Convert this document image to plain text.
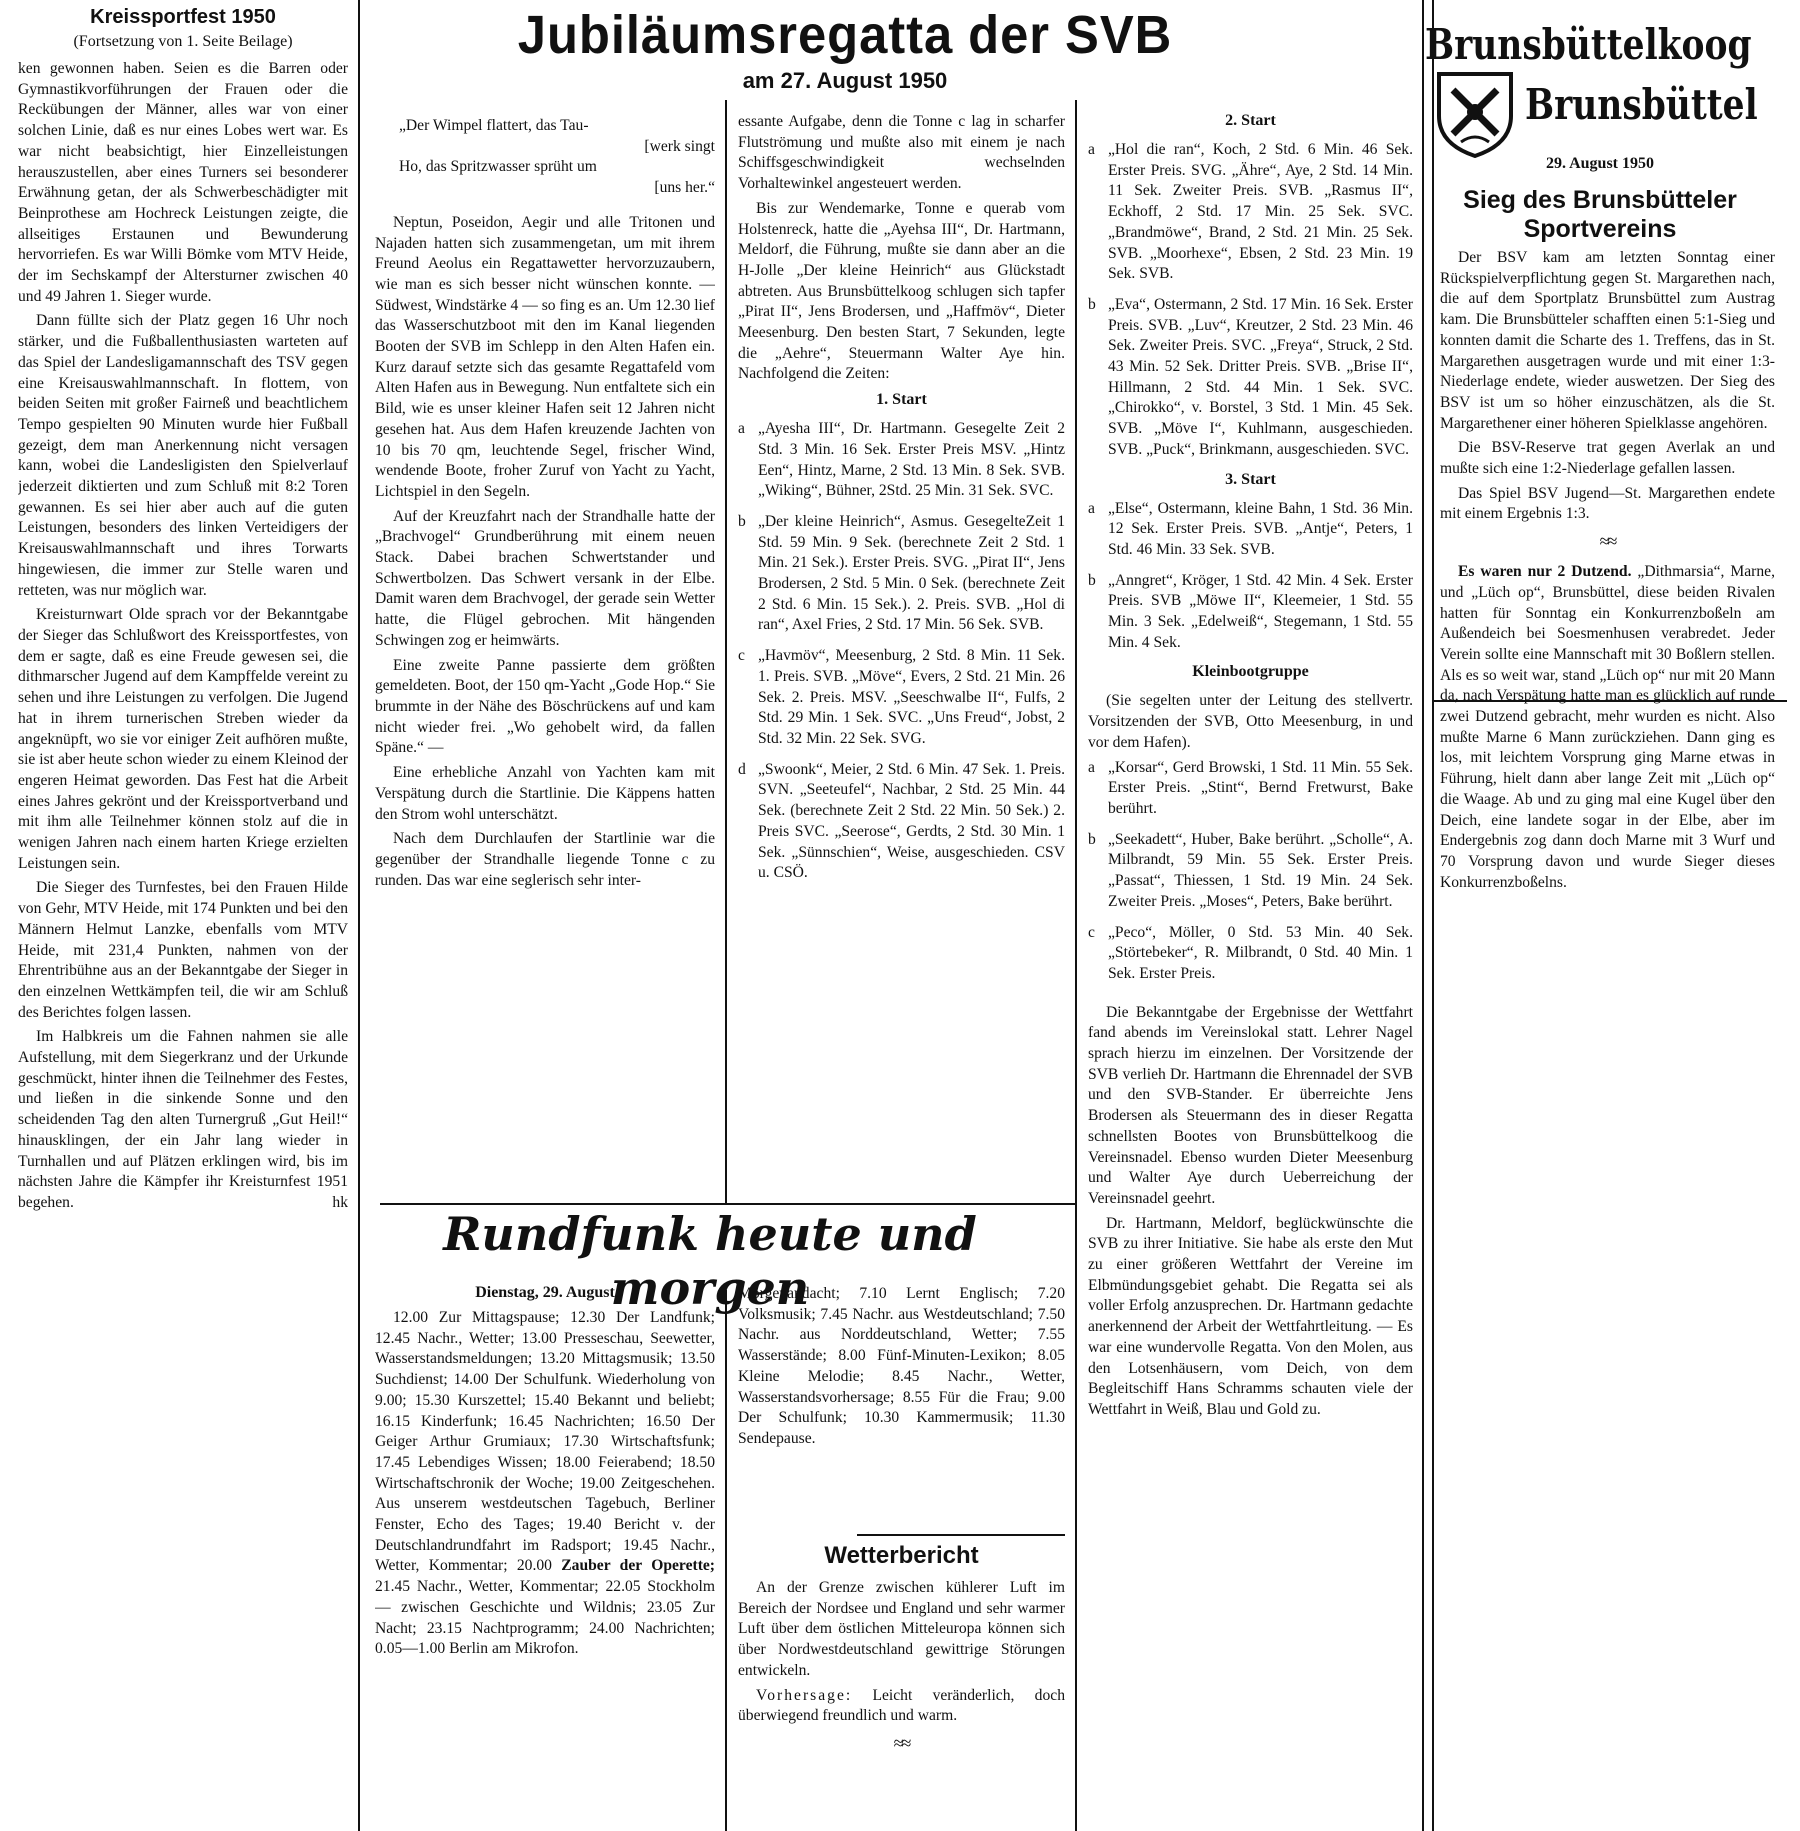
Kreissportfest 1950

(Fortsetzung von 1. Seite Beilage)

ken gewonnen haben. Seien es die Barren oder Gymnastikvorführungen der Frauen oder die Reckübungen der Männer, alles war von einer solchen Linie, daß es nur eines Lobes wert war. Es war nicht beabsichtigt, hier Einzelleistungen herauszustellen, aber eines Turners sei besonderer Erwähnung getan, der als Schwerbeschädigter mit Beinprothese am Hochreck Leistungen zeigte, die allseitiges Erstaunen und Bewunderung hervorriefen. Es war Willi Bömke vom MTV Heide, der im Sechskampf der Altersturner zwischen 40 und 49 Jahren 1. Sieger wurde.

Dann füllte sich der Platz gegen 16 Uhr noch stärker, und die Fußballenthusiasten warteten auf das Spiel der Landesligamannschaft des TSV gegen eine Kreisauswahlmannschaft. In flottem, von beiden Seiten mit großer Fairneß und beachtlichem Tempo gespielten 90 Minuten wurde hier Fußball gezeigt, dem man Anerkennung nicht versagen kann, wobei die Landesligisten den Spielverlauf jederzeit diktierten und zum Schluß mit 8:2 Toren gewannen. Es sei hier aber auch auf die guten Leistungen, besonders des linken Verteidigers der Kreisauswahlmannschaft und ihres Torwarts hingewiesen, die immer zur Stelle waren und retteten, was nur möglich war.

Kreisturnwart Olde sprach vor der Bekanntgabe der Sieger das Schlußwort des Kreissportfestes, von dem er sagte, daß es eine Freude gewesen sei, die dithmarscher Jugend auf dem Kampffelde vereint zu sehen und ihre Leistungen zu verfolgen. Die Jugend hat in ihrem turnerischen Streben wieder da angeknüpft, wo sie vor einiger Zeit aufhören mußte, sie ist aber heute schon wieder zu einem Kleinod der engeren Heimat geworden. Das Fest hat die Arbeit eines Jahres gekrönt und der Kreissportverband und mit ihm alle Teilnehmer können stolz auf die in wenigen Jahren nach einem harten Kriege erzielten Leistungen sein.

Die Sieger des Turnfestes, bei den Frauen Hilde von Gehr, MTV Heide, mit 174 Punkten und bei den Männern Helmut Lanzke, ebenfalls vom MTV Heide, mit 231,4 Punkten, nahmen von der Ehrentribühne aus an der Bekanntgabe der Sieger in den einzelnen Wettkämpfen teil, die wir am Schluß des Berichtes folgen lassen.

Im Halbkreis um die Fahnen nahmen sie alle Aufstellung, mit dem Siegerkranz und der Urkunde geschmückt, hinter ihnen die Teilnehmer des Festes, und ließen in die sinkende Sonne und den scheidenden Tag den alten Turnergruß „Gut Heil!“ hinausklingen, der ein Jahr lang wieder in Turnhallen und auf Plätzen erklingen wird, bis im nächsten Jahre die Kämpfer ihr Kreisturnfest 1951 begehen.	hk

Jubiläumsregatta der SVB

am 27. August 1950

„Der Wimpel flattert, das Tau-
[werk singt
Ho, das Spritzwasser sprüht um
[uns her.“

Neptun, Poseidon, Aegir und alle Tritonen und Najaden hatten sich zusammengetan, um mit ihrem Freund Aeolus ein Regattawetter hervorzuzaubern, wie man es sich besser nicht wünschen konnte. — Südwest, Windstärke 4 — so fing es an. Um 12.30 lief das Wasserschutzboot mit den im Kanal liegenden Booten der SVB im Schlepp in den Alten Hafen ein. Kurz darauf setzte sich das gesamte Regattafeld vom Alten Hafen aus in Bewegung. Nun entfaltete sich ein Bild, wie es unser kleiner Hafen seit 12 Jahren nicht gesehen hat. Aus dem Hafen kreuzende Jachten von 10 bis 70 qm, leuchtende Segel, frischer Wind, wendende Boote, froher Zuruf von Yacht zu Yacht, Lichtspiel in den Segeln.

Auf der Kreuzfahrt nach der Strandhalle hatte der „Brachvogel“ Grundberührung mit einem neuen Stack. Dabei brachen Schwertstander und Schwertbolzen. Das Schwert versank in der Elbe. Damit waren dem Brachvogel, der gerade sein Wetter hatte, die Flügel gebrochen. Mit hängenden Schwingen zog er heimwärts.

Eine zweite Panne passierte dem größten gemeldeten. Boot, der 150 qm-Yacht „Gode Hop.“ Sie brummte in der Nähe des Böschrückens auf und kam nicht wieder frei. „Wo gehobelt wird, da fallen Späne.“ —

Eine erhebliche Anzahl von Yachten kam mit Verspätung durch die Startlinie. Die Käppens hatten den Strom wohl unterschätzt.

Nach dem Durchlaufen der Startlinie war die gegenüber der Strandhalle liegende Tonne c zu runden. Das war eine seglerisch sehr inter-

essante Aufgabe, denn die Tonne c lag in scharfer Flutströmung und mußte also mit einem je nach Schiffsgeschwindigkeit wechselnden Vorhaltewinkel angesteuert werden.

Bis zur Wendemarke, Tonne e querab vom Holstenreck, hatte die „Ayehsa III“, Dr. Hartmann, Meldorf, die Führung, mußte sie dann aber an die H-Jolle „Der kleine Heinrich“ aus Glückstadt abtreten. Aus Brunsbüttelkoog schlugen sich tapfer „Pirat II“, Jens Brodersen, und „Haffmöv“, Dieter Meesenburg. Den besten Start, 7 Sekunden, legte die „Aehre“, Steuermann Walter Aye hin. Nachfolgend die Zeiten:

1. Start

a „Ayesha III“, Dr. Hartmann. Gesegelte Zeit 2 Std. 3 Min. 16 Sek. Erster Preis MSV. „Hintz Een“, Hintz, Marne, 2 Std. 13 Min. 8 Sek. SVB. „Wiking“, Bühner, 2Std. 25 Min. 31 Sek. SVC.

b „Der kleine Heinrich“, Asmus. GesegelteZeit 1 Std. 59 Min. 9 Sek. (berechnete Zeit 2 Std. 1 Min. 21 Sek.). Erster Preis. SVG. „Pirat II“, Jens Brodersen, 2 Std. 5 Min. 0 Sek. (berechnete Zeit 2 Std. 6 Min. 15 Sek.). 2. Preis. SVB. „Hol di ran“, Axel Fries, 2 Std. 17 Min. 56 Sek. SVB.

c „Havmöv“, Meesenburg, 2 Std. 8 Min. 11 Sek. 1. Preis. SVB. „Möve“, Evers, 2 Std. 21 Min. 26 Sek. 2. Preis. MSV. „Seeschwalbe II“, Fulfs, 2 Std. 29 Min. 1 Sek. SVC. „Uns Freud“, Jobst, 2 Std. 32 Min. 22 Sek. SVG.

d „Swoonk“, Meier, 2 Std. 6 Min. 47 Sek. 1. Preis. SVN. „Seeteufel“, Nachbar, 2 Std. 25 Min. 44 Sek. (berechnete Zeit 2 Std. 22 Min. 50 Sek.) 2. Preis SVC. „Seerose“, Gerdts, 2 Std. 30 Min. 1 Sek. „Sünnschien“, Weise, ausgeschieden. CSV u. CSÖ.

2. Start

a „Hol die ran“, Koch, 2 Std. 6 Min. 46 Sek. Erster Preis. SVG. „Ähre“, Aye, 2 Std. 14 Min. 11 Sek. Zweiter Preis. SVB. „Rasmus II“, Eckhoff, 2 Std. 17 Min. 25 Sek. SVC. „Brandmöwe“, Brand, 2 Std. 21 Min. 25 Sek. SVB. „Moorhexe“, Ebsen, 2 Std. 23 Min. 19 Sek. SVB.

b „Eva“, Ostermann, 2 Std. 17 Min. 16 Sek. Erster Preis. SVB. „Luv“, Kreutzer, 2 Std. 23 Min. 46 Sek. Zweiter Preis. SVC. „Freya“, Struck, 2 Std. 43 Min. 52 Sek. Dritter Preis. SVB. „Brise II“, Hillmann, 2 Std. 44 Min. 1 Sek. SVC. „Chirokko“, v. Borstel, 3 Std. 1 Min. 45 Sek. SVB. „Möve I“, Kuhlmann, ausgeschieden. SVB. „Puck“, Brinkmann, ausgeschieden. SVC.

3. Start

a „Else“, Ostermann, kleine Bahn, 1 Std. 36 Min. 12 Sek. Erster Preis. SVB. „Antje“, Peters, 1 Std. 46 Min. 33 Sek. SVB.

b „Anngret“, Kröger, 1 Std. 42 Min. 4 Sek. Erster Preis. SVB „Möwe II“, Kleemeier, 1 Std. 55 Min. 3 Sek. „Edelweiß“, Stegemann, 1 Std. 55 Min. 4 Sek.

Kleinbootgruppe

(Sie segelten unter der Leitung des stellvertr. Vorsitzenden der SVB, Otto Meesenburg, in und vor dem Hafen).

a „Korsar“, Gerd Browski, 1 Std. 11 Min. 55 Sek. Erster Preis. „Stint“, Bernd Fretwurst, Bake berührt.

b „Seekadett“, Huber, Bake berührt. „Scholle“, A. Milbrandt, 59 Min. 55 Sek. Erster Preis. „Passat“, Thiessen, 1 Std. 19 Min. 24 Sek. Zweiter Preis. „Moses“, Peters, Bake berührt.

c „Peco“, Möller, 0 Std. 53 Min. 40 Sek. „Störtebeker“, R. Milbrandt, 0 Std. 40 Min. 1 Sek. Erster Preis.

Die Bekanntgabe der Ergebnisse der Wettfahrt fand abends im Vereinslokal statt. Lehrer Nagel sprach hierzu im einzelnen. Der Vorsitzende der SVB verlieh Dr. Hartmann die Ehrennadel der SVB und den SVB-Stander. Er überreichte Jens Brodersen als Steuermann des in dieser Regatta schnellsten Bootes von Brunsbüttelkoog die Vereinsnadel. Ebenso wurden Dieter Meesenburg und Walter Aye durch Ueberreichung der Vereinsnadel geehrt.

Dr. Hartmann, Meldorf, beglückwünschte die SVB zu ihrer Initiative. Sie habe als erste den Mut zu einer größeren Wettfahrt der Vereine im Elbmündungsgebiet gehabt. Die Regatta sei als voller Erfolg anzusprechen. Dr. Hartmann gedachte anerkennend der Arbeit der Wettfahrtleitung. — Es war eine wundervolle Regatta. Von den Molen, aus den Lotsenhäusern, vom Deich, von dem Begleitschiff Hans Schramms schauten viele der Wettfahrt in Weiß, Blau und Gold zu.

Rundfunk heute und morgen

Dienstag, 29. August

12.00 Zur Mittagspause; 12.30 Der Landfunk; 12.45 Nachr., Wetter; 13.00 Presseschau, Seewetter, Wasserstandsmeldungen; 13.20 Mittagsmusik; 13.50 Suchdienst; 14.00 Der Schulfunk. Wiederholung von 9.00; 15.30 Kurszettel; 15.40 Bekannt und beliebt; 16.15 Kinderfunk; 16.45 Nachrichten; 16.50 Der Geiger Arthur Grumiaux; 17.30 Wirtschaftsfunk; 17.45 Lebendiges Wissen; 18.00 Feierabend; 18.50 Wirtschaftschronik der Woche; 19.00 Zeitgeschehen. Aus unserem westdeutschen Tagebuch, Berliner Fenster, Echo des Tages; 19.40 Bericht v. der Deutschlandrundfahrt im Radsport; 19.45 Nachr., Wetter, Kommentar; 20.00 Zauber der Operette; 21.45 Nachr., Wetter, Kommentar; 22.05 Stockholm — zwischen Geschichte und Wildnis; 23.05 Zur Nacht; 23.15 Nachtprogramm; 24.00 Nachrichten; 0.05—1.00 Berlin am Mikrofon.

Morgenandacht; 7.10 Lernt Englisch; 7.20 Volksmusik; 7.45 Nachr. aus Westdeutschland; 7.50 Nachr. aus Norddeutschland, Wetter; 7.55 Wasserstände; 8.00 Fünf-Minuten-Lexikon; 8.05 Kleine Melodie; 8.45 Nachr., Wetter, Wasserstandsvorhersage; 8.55 Für die Frau; 9.00 Der Schulfunk; 10.30 Kammermusik; 11.30 Sendepause.

Wetterbericht

An der Grenze zwischen kühlerer Luft im Bereich der Nordsee und England und sehr warmer Luft über dem östlichen Mitteleuropa können sich über Nordwestdeutschland gewittrige Störungen entwickeln.

Vorhersage: Leicht veränderlich, doch überwiegend freundlich und warm.

≈≈
Brunsbüttelkoog
Brunsbüttel

29. August 1950

Sieg des Brunsbütteler Sportvereins

Der BSV kam am letzten Sonntag einer Rückspielverpflichtung gegen St. Margarethen nach, die auf dem Sportplatz Brunsbüttel zum Austrag kam. Die Brunsbütteler schafften einen 5:1-Sieg und konnten damit die Scharte des 1. Treffens, das in St. Margarethen ausgetragen wurde und mit einer 1:3-Niederlage endete, wieder auswetzen. Der Sieg des BSV ist um so höher einzuschätzen, als die St. Margarethener einer höheren Spielklasse angehören.

Die BSV-Reserve trat gegen Averlak an und mußte sich eine 1:2-Niederlage gefallen lassen.

Das Spiel BSV Jugend—St. Margarethen endete mit einem Ergebnis 1:3.

≈≈

Es waren nur 2 Dutzend. „Dithmarsia“, Marne, und „Lüch op“, Brunsbüttel, diese beiden Rivalen hatten für Sonntag ein Konkurrenzboßeln am Außendeich bei Soesmenhusen verabredet. Jeder Verein sollte eine Mannschaft mit 30 Boßlern stellen. Als es so weit war, stand „Lüch op“ nur mit 20 Mann da, nach Verspätung hatte man es glücklich auf runde zwei Dutzend gebracht, mehr wurden es nicht. Also mußte Marne 6 Mann zurückziehen. Dann ging es los, mit leichtem Vorsprung ging Marne etwas in Führung, hielt dann aber lange Zeit mit „Lüch op“ die Waage. Ab und zu ging mal eine Kugel über den Deich, eine landete sogar in der Elbe, aber im Endergebnis zog dann doch Marne mit 3 Wurf und 70 Vorsprung davon und wurde Sieger dieses Konkurrenzboßelns.
